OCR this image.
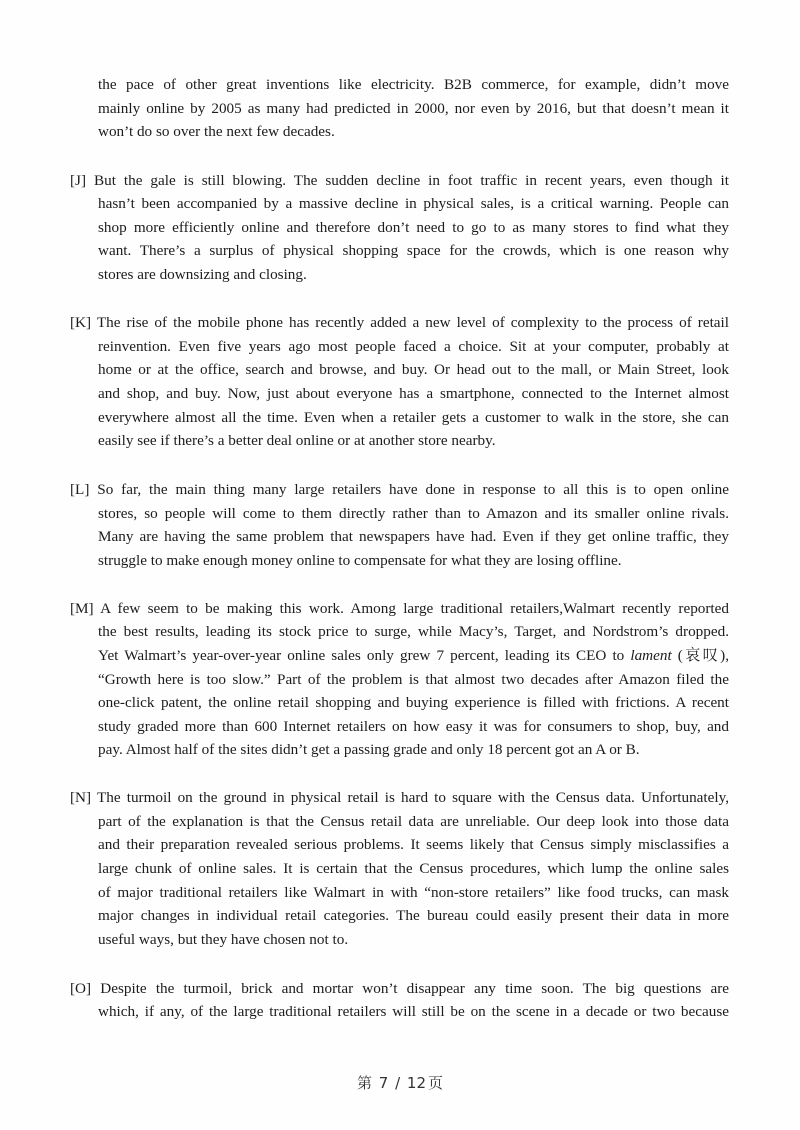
the pace of other great inventions like electricity. B2B commerce, for example, didn’t move
mainly online by 2005 as many had predicted in 2000, nor even by 2016, but that doesn’t mean it
won’t do so over the next few decades.
[J] But the gale is still blowing. The sudden decline in foot traffic in recent years, even though it
hasn’t been accompanied by a massive decline in physical sales, is a critical warning. People can
shop more efficiently online and therefore don’t need to go to as many stores to find what they
want. There’s a surplus of physical shopping space for the crowds, which is one reason why
stores are downsizing and closing.
[K] The rise of the mobile phone has recently added a new level of complexity to the process of retail
reinvention. Even five years ago most people faced a choice. Sit at your computer, probably at
home or at the office, search and browse, and buy. Or head out to the mall, or Main Street, look
and shop, and buy. Now, just about everyone has a smartphone, connected to the Internet almost
everywhere almost all the time. Even when a retailer gets a customer to walk in the store, she can
easily see if there’s a better deal online or at another store nearby.
[L] So far, the main thing many large retailers have done in response to all this is to open online
stores, so people will come to them directly rather than to Amazon and its smaller online rivals.
Many are having the same problem that newspapers have had. Even if they get online traffic, they
struggle to make enough money online to compensate for what they are losing offline.
[M] A few seem to be making this work. Among large traditional retailers,Walmart recently reported
the best results, leading its stock price to surge, while Macy’s, Target, and Nordstrom’s dropped.
Yet Walmart’s year-over-year online sales only grew 7 percent, leading its CEO to lament (哀叹),
“Growth here is too slow.” Part of the problem is that almost two decades after Amazon filed the
one-click patent, the online retail shopping and buying experience is filled with frictions. A recent
study graded more than 600 Internet retailers on how easy it was for consumers to shop, buy, and
pay. Almost half of the sites didn’t get a passing grade and only 18 percent got an A or B.
[N] The turmoil on the ground in physical retail is hard to square with the Census data. Unfortunately,
part of the explanation is that the Census retail data are unreliable. Our deep look into those data
and their preparation revealed serious problems. It seems likely that Census simply misclassifies a
large chunk of online sales. It is certain that the Census procedures, which lump the online sales
of major traditional retailers like Walmart in with “non-store retailers” like food trucks, can mask
major changes in individual retail categories. The bureau could easily present their data in more
useful ways, but they have chosen not to.
[O] Despite the turmoil, brick and mortar won’t disappear any time soon. The big questions are
which, if any, of the large traditional retailers will still be on the scene in a decade or two because
第 7 / 12 页
